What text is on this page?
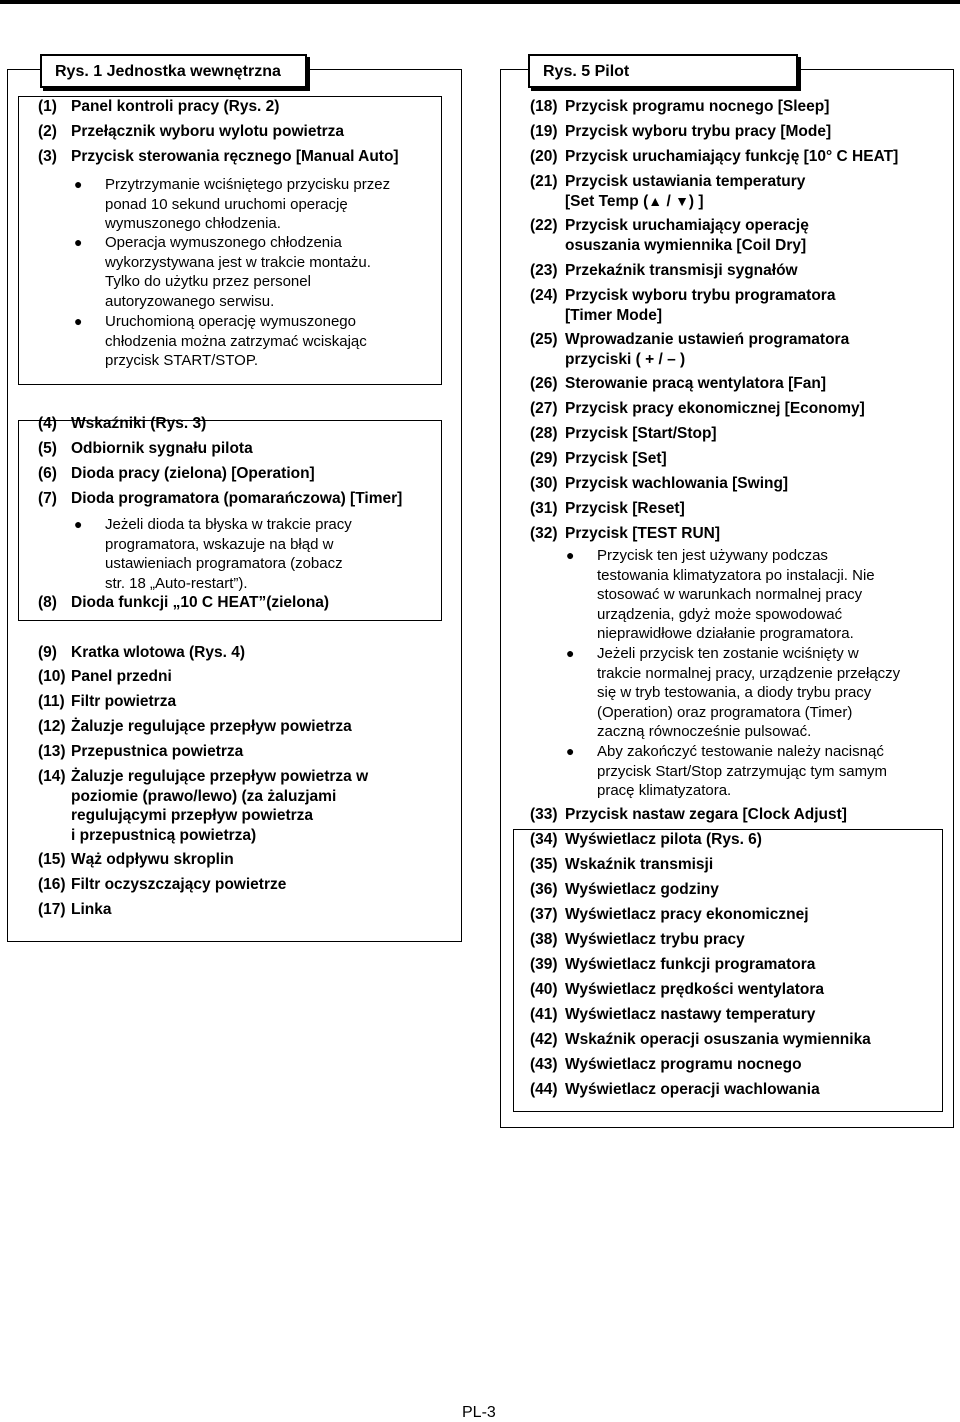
Rys. 1 Jednostka wewnętrzna	Rys. 5 Pilot
(1) Panel kontroli pracy (Rys. 2)
(2) Przełącznik wyboru wylotu powietrza
(3) Przycisk sterowania ręcznego [Manual Auto]
● Przytrzymanie wciśniętego przycisku przez
ponad 10 sekund uruchomi operację
wymuszonego chłodzenia.
● Operacja wymuszonego chłodzenia
wykorzystywana jest w trakcie montażu.
Tylko do użytku przez personel
autoryzowanego serwisu.
● Uruchomioną operację wymuszonego
chłodzenia można zatrzymać wciskając
przycisk START/STOP.
(4) Wskaźniki (Rys. 3)
(5) Odbiornik sygnału pilota
(6) Dioda pracy (zielona) [Operation]
(7) Dioda programatora (pomarańczowa) [Timer]
● Jeżeli dioda ta błyska w trakcie pracy
programatora, wskazuje na błąd w
ustawieniach programatora (zobacz
str. 18 „Auto-restart”).
(8) Dioda funkcji „10 C HEAT”(zielona)
(9) Kratka wlotowa (Rys. 4)
(10) Panel przedni
(11) Filtr powietrza
(12) Żaluzje regulujące przepływ powietrza
(13) Przepustnica powietrza
(14) Żaluzje regulujące przepływ powietrza w
poziomie (prawo/lewo) (za żaluzjami
regulującymi przepływ powietrza
i przepustnicą powietrza)
(15) Wąż odpływu skroplin
(16) Filtr oczyszczający powietrze
(17) Linka
(18) Przycisk programu nocnego [Sleep]
(19) Przycisk wyboru trybu pracy [Mode]
(20) Przycisk uruchamiający funkcję [10° C HEAT]
(21) Przycisk ustawiania temperatury
[Set Temp (▲ / ▼) ]
(22) Przycisk uruchamiający operację
osuszania wymiennika [Coil Dry]
(23) Przekaźnik transmisji sygnałów
(24) Przycisk wyboru trybu programatora
[Timer Mode]
(25) Wprowadzanie ustawień programatora
przyciski ( + / – )
(26) Sterowanie pracą wentylatora [Fan]
(27) Przycisk pracy ekonomicznej [Economy]
(28) Przycisk [Start/Stop]
(29) Przycisk [Set]
(30) Przycisk wachlowania [Swing]
(31) Przycisk [Reset]
(32) Przycisk [TEST RUN]
● Przycisk ten jest używany podczas
testowania klimatyzatora po instalacji. Nie
stosować w warunkach normalnej pracy
urządzenia, gdyż może spowodować
nieprawidłowe działanie programatora.
● Jeżeli przycisk ten zostanie wciśnięty w
trakcie normalnej pracy, urządzenie przełączy
się w tryb testowania, a diody trybu pracy
(Operation) oraz programatora (Timer)
zaczną równocześnie pulsować.
● Aby zakończyć testowanie należy nacisnąć
przycisk Start/Stop zatrzymując tym samym
pracę klimatyzatora.
(33) Przycisk nastaw zegara [Clock Adjust]
(34) Wyświetlacz pilota (Rys. 6)
(35) Wskaźnik transmisji
(36) Wyświetlacz godziny
(37) Wyświetlacz pracy ekonomicznej
(38) Wyświetlacz trybu pracy
(39) Wyświetlacz funkcji programatora
(40) Wyświetlacz prędkości wentylatora
(41) Wyświetlacz nastawy temperatury
(42) Wskaźnik operacji osuszania wymiennika
(43) Wyświetlacz programu nocnego
(44) Wyświetlacz operacji wachlowania
PL-3
